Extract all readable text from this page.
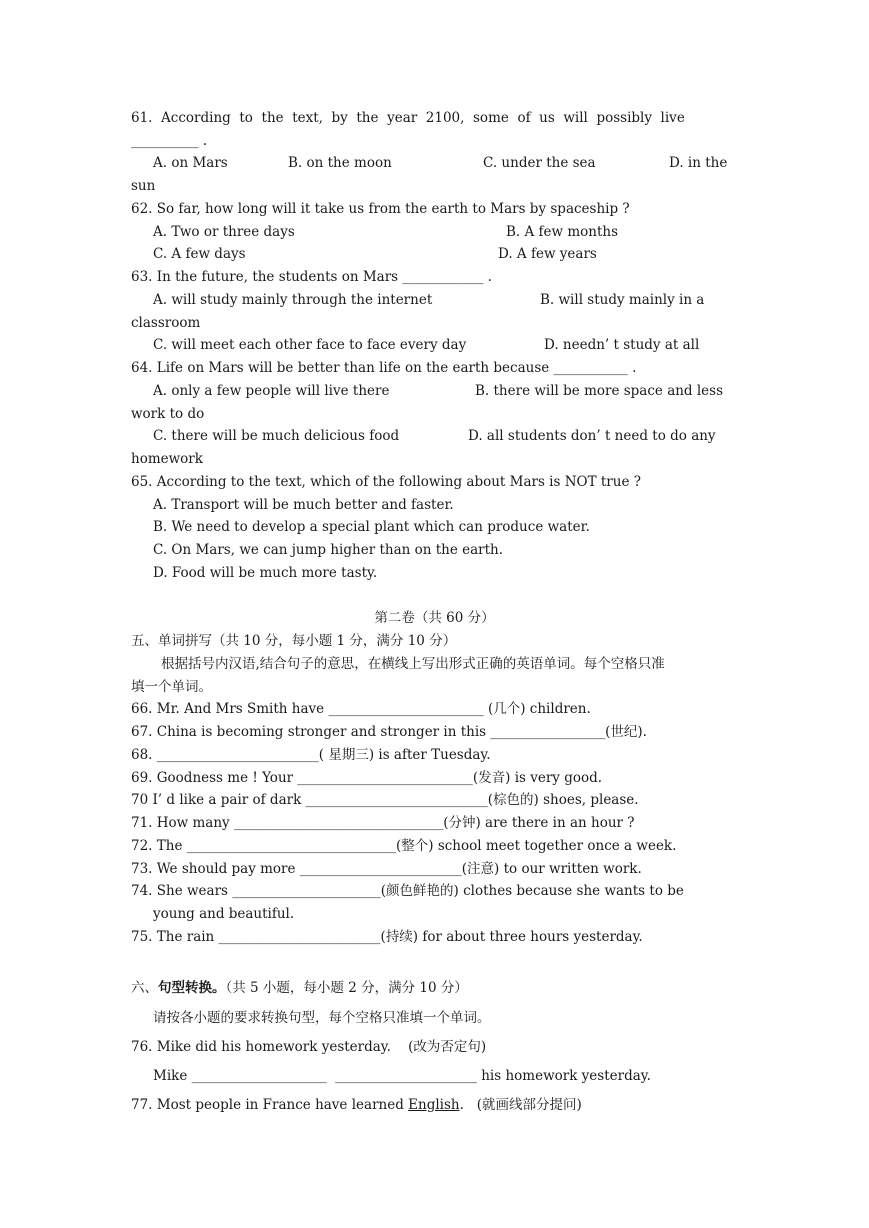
61.  According  to  the  text,  by  the  year  2100,  some  of  us  will  possibly  live
__________ .
A. on Mars	B. on the moon	C. under the sea	D. in the
sun
62. So far, how long will it take us from the earth to Mars by spaceship ?
A. Two or three days	B. A few months
C. A few days	D. A few years
63. In the future, the students on Mars ____________ .
A. will study mainly through the internet	B. will study mainly in a
classroom
C. will meet each other face to face every day	D. needn’ t study at all
64. Life on Mars will be better than life on the earth because ___________ .
A. only a few people will live there	B. there will be more space and less
work to do
C. there will be much delicious food	D. all students don’ t need to do any
homework
65. According to the text, which of the following about Mars is NOT true ?
A. Transport will be much better and faster.
B. We need to develop a special plant which can produce water.
C. On Mars, we can jump higher than on the earth.
D. Food will be much more tasty.
第二卷（共 60 分）
五、单词拼写（共 10 分，每小题 1 分，满分 10 分）
根据括号内汉语,结合句子的意思，在横线上写出形式正确的英语单词。每个空格只准
填一个单词。
66. Mr. And Mrs Smith have _______________________ (几个) children.
67. China is becoming stronger and stronger in this _________________(世纪).
68. ________________________( 星期三) is after Tuesday.
69. Goodness me ! Your __________________________(发音) is very good.
70 I’ d like a pair of dark ___________________________(棕色的) shoes, please.
71. How many _______________________________(分钟) are there in an hour ?
72. The _______________________________(整个) school meet together once a week.
73. We should pay more ________________________(注意) to our written work.
74. She wears ______________________(颜色鲜艳的) clothes because she wants to be
young and beautiful.
75. The rain ________________________(持续) for about three hours yesterday.
六、句型转换。（共 5 小题，每小题 2 分，满分 10 分）
请按各小题的要求转换句型，每个空格只准填一个单词。
76. Mike did his homework yesterday.    (改为否定句)
Mike ____________________  _____________________ his homework yesterday.
77. Most people in France have learned English.   (就画线部分提问)
